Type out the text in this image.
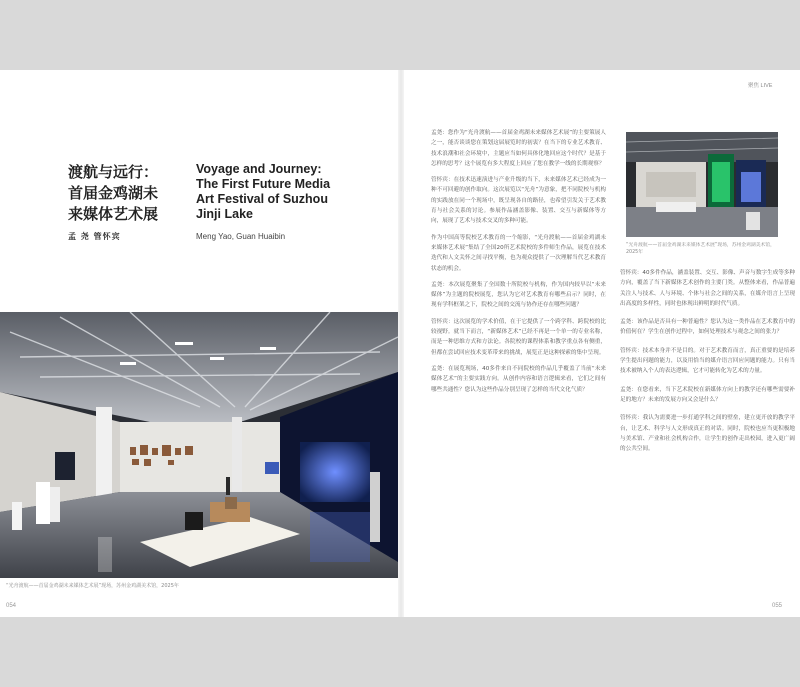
渡航与远行：
首届金鸡湖未
来媒体艺术展
Voyage and Journey:
The First Future Media
Art Festival of Suzhou
Jinji Lake
孟 尧 管怀宾	Meng Yao, Guan Huaibin
“光舟渡航——首届金鸡湖未来媒体艺术展”现场，苏州金鸡湖美术馆，2025年
054
聚焦 LIVE

孟尧：您作为“光舟渡航——首届金鸡湖未来媒体艺术展”的主要策展人之一，能否谈谈您在策划这届展览时的初衷？在当下的专业艺术教育、技术浪潮和社会环境中，主题应当如何具体化地回应这个时代？是基于怎样的思考？这个展览有多大程度上回应了您在教学一线的长期观察？

管怀宾：在技术迅速演进与产业升级的当下，未来媒体艺术已经成为一种不可回避的创作取向。这次展览以“光舟”为意象，把不同院校与机构的实践放在同一个现场中，既呈现各自的路径，也希望引发关于艺术教育与社会关系的讨论。参展作品涵盖影像、装置、交互与新媒体等方向，展现了艺术与技术交叉的多种可能。

作为中国高等院校艺术教育的一个缩影，“光舟渡航——首届金鸡湖未来媒体艺术展”集结了全国20所艺术院校的多件师生作品，展览在技术迭代和人文关怀之间寻找平衡，也为观众提供了一次理解当代艺术教育状态的机会。

孟尧：本次展览聚集了全国数十所院校与机构，作为国内较早以“未来媒体”为主题的院校展览，您认为它对艺术教育有哪些启示？同时，在现有学科框架之下，院校之间的交流与协作还存在哪些问题？

管怀宾：这次展览的学术价值，在于它提供了一个跨学科、跨院校的比较视野。就当下而言，“新媒体艺术”已经不再是一个单一的专业名称，而是一种思维方式和方法论。各院校的课程体系和教学重点各有侧重，但都在尝试回应技术变革带来的挑战，展览正是这种探索的集中呈现。

孟尧：在展览现场，40多件来自不同院校的作品几乎覆盖了当前“未来媒体艺术”的主要实践方向。从创作内容和语言逻辑来看，它们之间有哪些共通性？您认为这些作品分别呈现了怎样的当代文化气质？

“光舟渡航——首届金鸡湖未来媒体艺术展”现场，苏州金鸡湖美术馆，2025年

管怀宾：40多件作品，涵盖装置、交互、影像、声音与数字生成等多种方向，覆盖了当下新媒体艺术创作的主要门类。从整体来看，作品普遍关注人与技术、人与环境、个体与社会之间的关系，在媒介语言上呈现出高度的多样性，同时也体现出鲜明的时代气质。

孟尧：该作品是否具有一种普遍性？您认为这一类作品在艺术教育中的价值何在？学生在创作过程中，如何处理技术与观念之间的张力？

管怀宾：技术本身并不是目的。对于艺术教育而言，真正重要的是培养学生提出问题的能力，以及用恰当的媒介语言回应问题的能力。只有当技术被纳入个人的表达逻辑，它才可能转化为艺术的力量。

孟尧：在您看来，当下艺术院校在新媒体方向上的教学还有哪些需要补足的地方？未来的发展方向又会是什么？

管怀宾：我认为需要进一步打通学科之间的壁垒，建立更开放的教学平台，让艺术、科学与人文形成真正的对话。同时，院校也应当更积极地与美术馆、产业和社会机构合作，让学生的创作走出校园，进入更广阔的公共空间。

055
